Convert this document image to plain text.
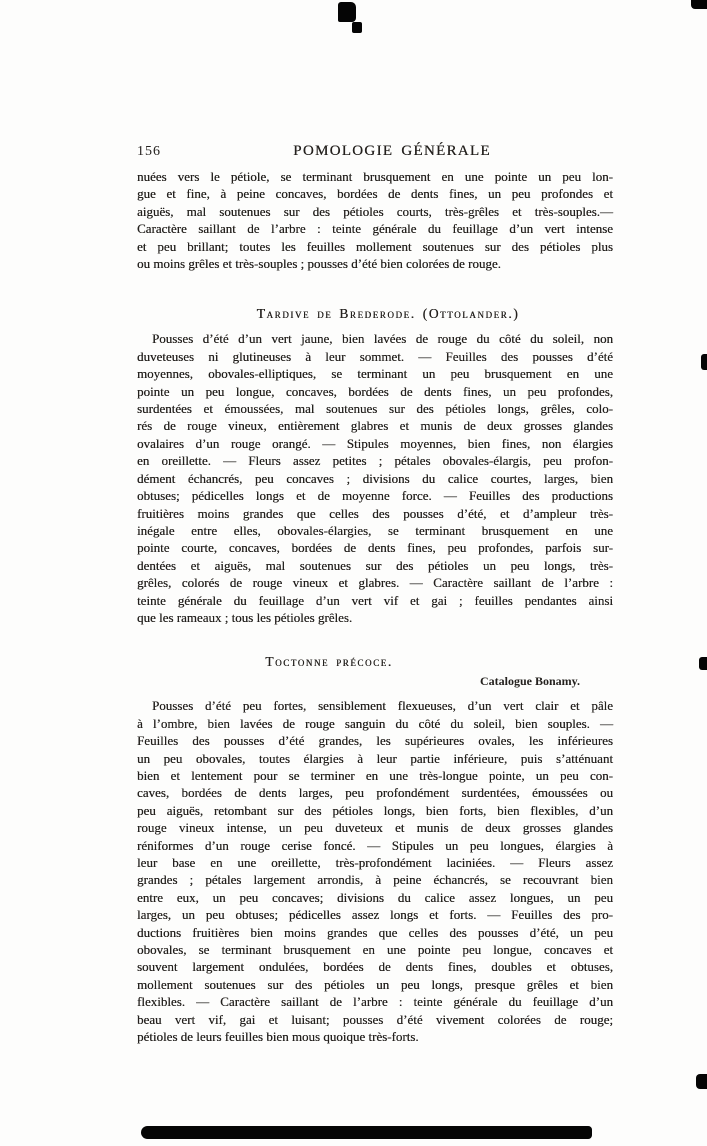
156	POMOLOGIE GÉNÉRALE
nuées vers le pétiole, se terminant brusquement en une pointe un peu lon-
gue et fine, à peine concaves, bordées de dents fines, un peu profondes et
aiguës, mal soutenues sur des pétioles courts, très-grêles et très-souples.—
Caractère saillant de l’arbre : teinte générale du feuillage d’un vert intense
et peu brillant; toutes les feuilles mollement soutenues sur des pétioles plus
ou moins grêles et très-souples ; pousses d’été bien colorées de rouge.
Tardive de Brederode. (Ottolander.)
Pousses d’été d’un vert jaune, bien lavées de rouge du côté du soleil, non
duveteuses ni glutineuses à leur sommet. — Feuilles des pousses d’été
moyennes, obovales-elliptiques, se terminant un peu brusquement en une
pointe un peu longue, concaves, bordées de dents fines, un peu profondes,
surdentées et émoussées, mal soutenues sur des pétioles longs, grêles, colo-
rés de rouge vineux, entièrement glabres et munis de deux grosses glandes
ovalaires d’un rouge orangé. — Stipules moyennes, bien fines, non élargies
en oreillette. — Fleurs assez petites ; pétales obovales-élargis, peu profon-
dément échancrés, peu concaves ; divisions du calice courtes, larges, bien
obtuses; pédicelles longs et de moyenne force. — Feuilles des productions
fruitières moins grandes que celles des pousses d’été, et d’ampleur très-
inégale entre elles, obovales-élargies, se terminant brusquement en une
pointe courte, concaves, bordées de dents fines, peu profondes, parfois sur-
dentées et aiguës, mal soutenues sur des pétioles un peu longs, très-
grêles, colorés de rouge vineux et glabres. — Caractère saillant de l’arbre :
teinte générale du feuillage d’un vert vif et gai ; feuilles pendantes ainsi
que les rameaux ; tous les pétioles grêles.
Toctonne précoce.
Catalogue Bonamy.
Pousses d’été peu fortes, sensiblement flexueuses, d’un vert clair et pâle
à l’ombre, bien lavées de rouge sanguin du côté du soleil, bien souples. —
Feuilles des pousses d’été grandes, les supérieures ovales, les inférieures
un peu obovales, toutes élargies à leur partie inférieure, puis s’atténuant
bien et lentement pour se terminer en une très-longue pointe, un peu con-
caves, bordées de dents larges, peu profondément surdentées, émoussées ou
peu aiguës, retombant sur des pétioles longs, bien forts, bien flexibles, d’un
rouge vineux intense, un peu duveteux et munis de deux grosses glandes
réniformes d’un rouge cerise foncé. — Stipules un peu longues, élargies à
leur base en une oreillette, très-profondément laciniées. — Fleurs assez
grandes ; pétales largement arrondis, à peine échancrés, se recouvrant bien
entre eux, un peu concaves; divisions du calice assez longues, un peu
larges, un peu obtuses; pédicelles assez longs et forts. — Feuilles des pro-
ductions fruitières bien moins grandes que celles des pousses d’été, un peu
obovales, se terminant brusquement en une pointe peu longue, concaves et
souvent largement ondulées, bordées de dents fines, doubles et obtuses,
mollement soutenues sur des pétioles un peu longs, presque grêles et bien
flexibles. — Caractère saillant de l’arbre : teinte générale du feuillage d’un
beau vert vif, gai et luisant; pousses d’été vivement colorées de rouge;
pétioles de leurs feuilles bien mous quoique très-forts.
